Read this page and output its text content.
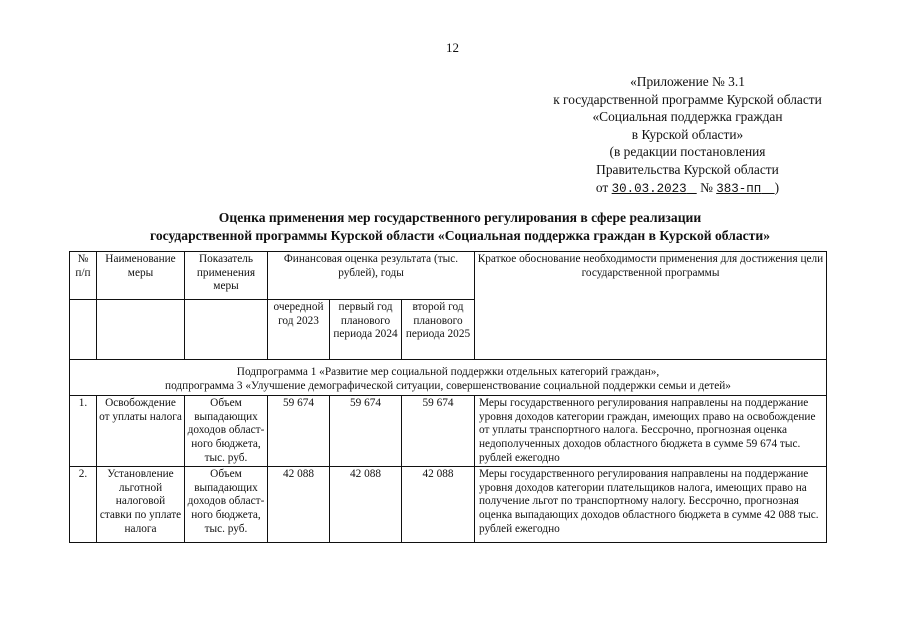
12
«Приложение № 3.1
к государственной программе Курской области
«Социальная поддержка граждан
в Курской области»
(в редакции постановления
Правительства Курской области
от 30.03.2023 № 383-пп )
Оценка применения мер государственного регулирования в сфере реализации
государственной программы Курской области «Социальная поддержка граждан в Курской области»
№ п/п	Наименование меры	Показатель применения меры	Финансовая оценка результата (тыс. рублей), годы			Краткое обоснование необходимости применения для достижения цели государственной программы
			очередной год 2023	первый год планового периода 2024	второй год планового периода 2025	

Подпрограмма 1 «Развитие мер социальной поддержки отдельных категорий граждан»,
подпрограмма 3 «Улучшение демографической ситуации, совершенствование социальной поддержки семьи и детей»						

1.	Освобождение от уплаты налога	Объем выпадающих доходов област-ного бюджета, тыс. руб.	59 674	59 674	59 674	Меры государственного регулирования направлены на поддержание уровня доходов категории граждан, имеющих право на освобождение от уплаты транспортного налога. Бессрочно, прогнозная оценка недополученных доходов областного бюджета в сумме 59 674 тыс. рублей ежегодно
2.	Установление льготной налоговой ставки по уплате налога	Объем выпадающих доходов област-ного бюджета, тыс. руб.	42 088	42 088	42 088	Меры государственного регулирования направлены на поддержание уровня доходов категории плательщиков налога, имеющих право на получение льгот по транспортному налогу. Бессрочно, прогнозная оценка выпадающих доходов областного бюджета в сумме 42 088 тыс. рублей ежегодно
